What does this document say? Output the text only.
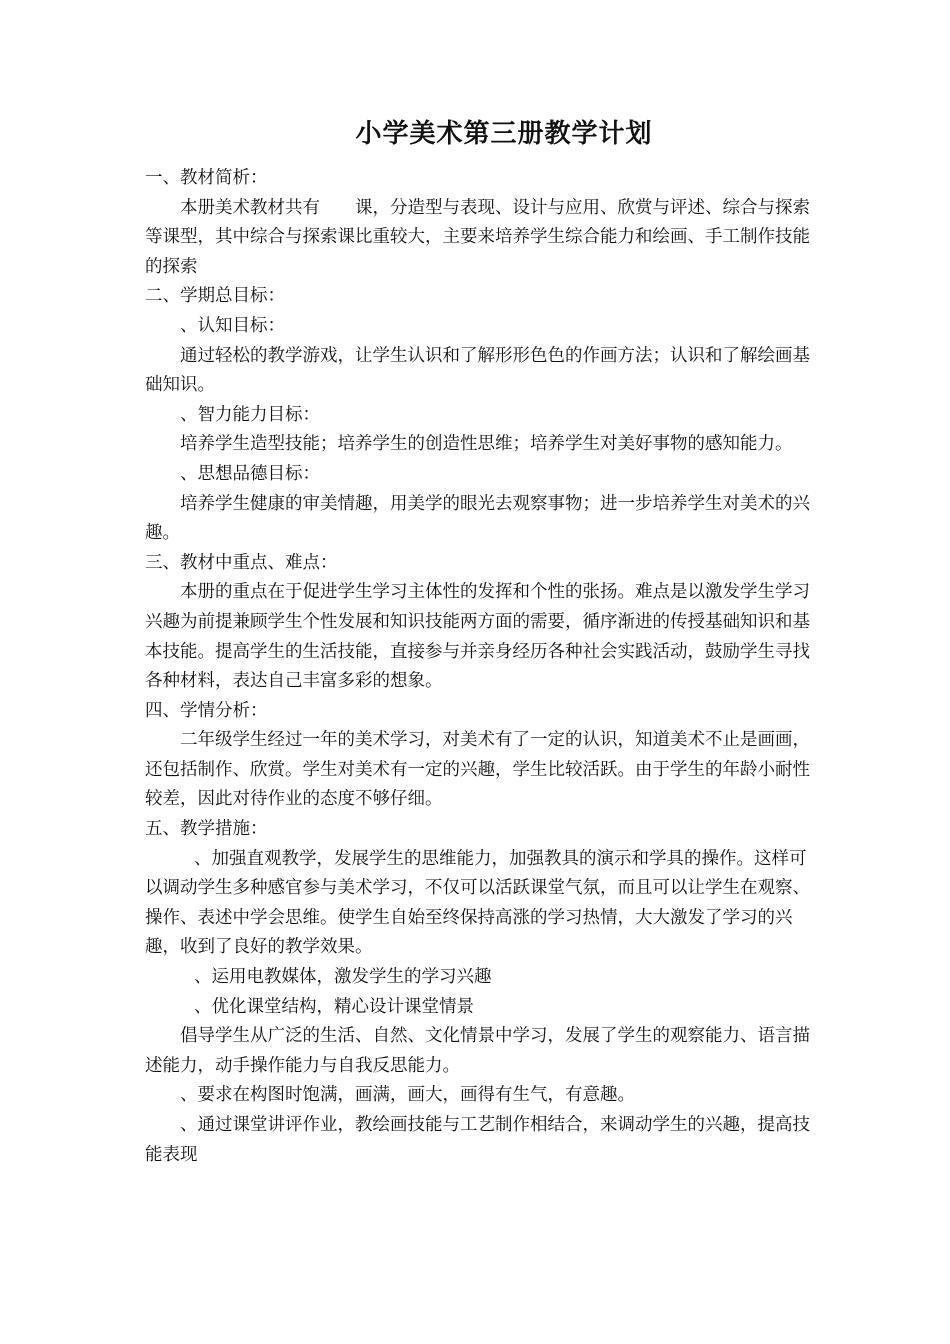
小学美术第三册教学计划

一、教材简析：

本册美术教材共有　　课，分造型与表现、设计与应用、欣赏与评述、综合与探索等课型，其中综合与探索课比重较大，主要来培养学生综合能力和绘画、手工制作技能的探索

二、学期总目标：

、认知目标：

通过轻松的教学游戏，让学生认识和了解形形色色的作画方法；认识和了解绘画基础知识。

、智力能力目标：

培养学生造型技能；培养学生的创造性思维；培养学生对美好事物的感知能力。

、思想品德目标：

培养学生健康的审美情趣，用美学的眼光去观察事物；进一步培养学生对美术的兴趣。

三、教材中重点、难点：

本册的重点在于促进学生学习主体性的发挥和个性的张扬。难点是以激发学生学习兴趣为前提兼顾学生个性发展和知识技能两方面的需要，循序渐进的传授基础知识和基本技能。提高学生的生活技能，直接参与并亲身经历各种社会实践活动，鼓励学生寻找各种材料，表达自己丰富多彩的想象。

四、学情分析：

二年级学生经过一年的美术学习，对美术有了一定的认识，知道美术不止是画画，还包括制作、欣赏。学生对美术有一定的兴趣，学生比较活跃。由于学生的年龄小耐性较差，因此对待作业的态度不够仔细。

五、教学措施：

、加强直观教学，发展学生的思维能力，加强教具的演示和学具的操作。这样可以调动学生多种感官参与美术学习，不仅可以活跃课堂气氛，而且可以让学生在观察、操作、表述中学会思维。使学生自始至终保持高涨的学习热情，大大激发了学习的兴趣，收到了良好的教学效果。

、运用电教媒体，激发学生的学习兴趣

、优化课堂结构，精心设计课堂情景

倡导学生从广泛的生活、自然、文化情景中学习，发展了学生的观察能力、语言描述能力，动手操作能力与自我反思能力。

、要求在构图时饱满，画满，画大，画得有生气，有意趣。

、通过课堂讲评作业，教绘画技能与工艺制作相结合，来调动学生的兴趣，提高技能表现
